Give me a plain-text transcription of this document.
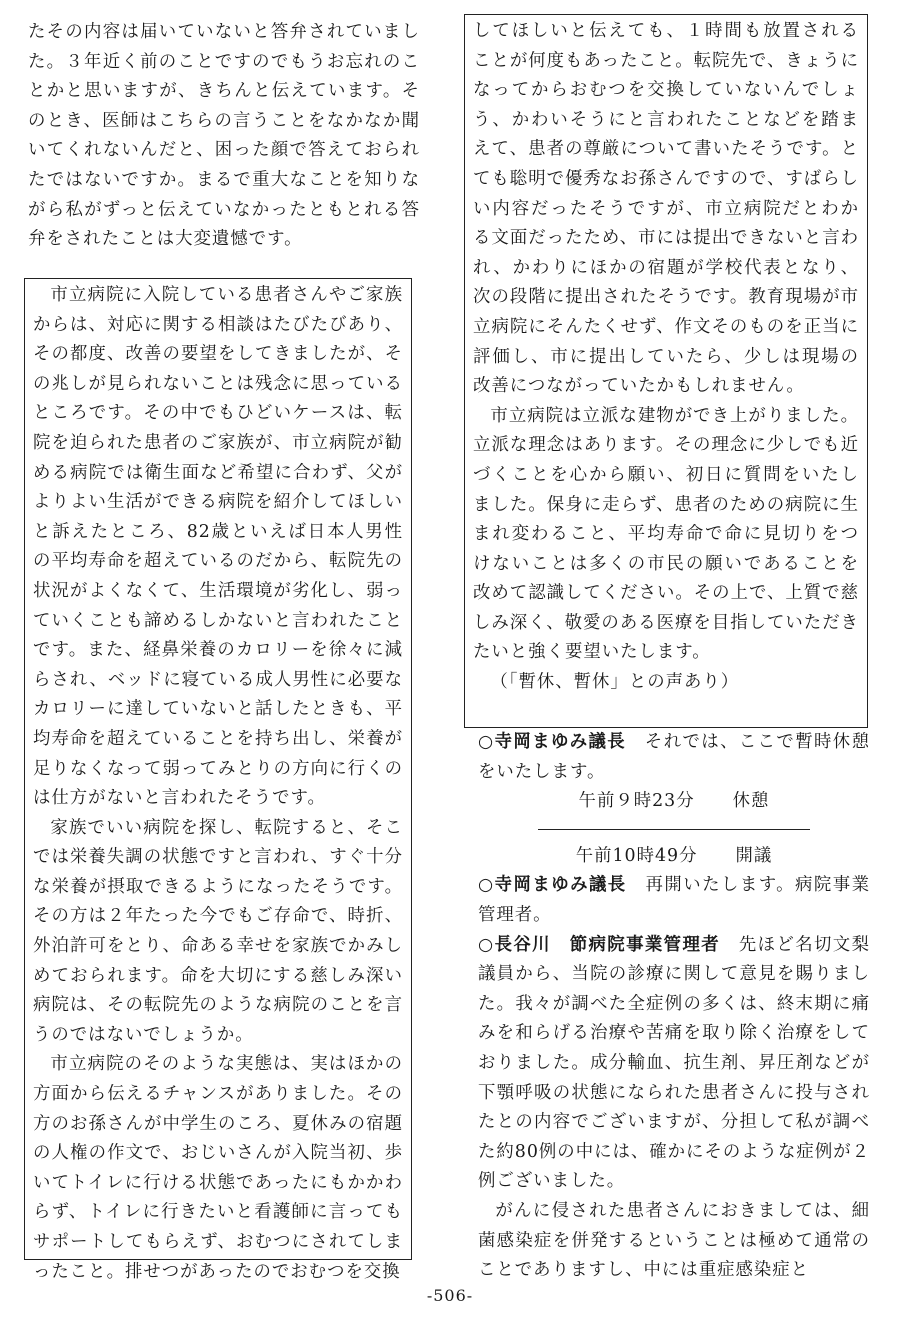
たその内容は届いていないと答弁されていました。３年近く前のことですのでもうお忘れのことかと思いますが、きちんと伝えています。そのとき、医師はこちらの言うことをなかなか聞いてくれないんだと、困った顔で答えておられたではないですか。まるで重大なことを知りながら私がずっと伝えていなかったともとれる答弁をされたことは大変遺憾です。

市立病院に入院している患者さんやご家族からは、対応に関する相談はたびたびあり、その都度、改善の要望をしてきましたが、その兆しが見られないことは残念に思っているところです。その中でもひどいケースは、転院を迫られた患者のご家族が、市立病院が勧める病院では衛生面など希望に合わず、父がよりよい生活ができる病院を紹介してほしいと訴えたところ、82歳といえば日本人男性の平均寿命を超えているのだから、転院先の状況がよくなくて、生活環境が劣化し、弱っていくことも諦めるしかないと言われたことです。また、経鼻栄養のカロリーを徐々に減らされ、ベッドに寝ている成人男性に必要なカロリーに達していないと話したときも、平均寿命を超えていることを持ち出し、栄養が足りなくなって弱ってみとりの方向に行くのは仕方がないと言われたそうです。

家族でいい病院を探し、転院すると、そこでは栄養失調の状態ですと言われ、すぐ十分な栄養が摂取できるようになったそうです。その方は２年たった今でもご存命で、時折、外泊許可をとり、命ある幸せを家族でかみしめておられます。命を大切にする慈しみ深い病院は、その転院先のような病院のことを言うのではないでしょうか。

市立病院のそのような実態は、実はほかの方面から伝えるチャンスがありました。その方のお孫さんが中学生のころ、夏休みの宿題の人権の作文で、おじいさんが入院当初、歩いてトイレに行ける状態であったにもかかわらず、トイレに行きたいと看護師に言ってもサポートしてもらえず、おむつにされてしまったこと。排せつがあったのでおむつを交換

してほしいと伝えても、１時間も放置されることが何度もあったこと。転院先で、きょうになってからおむつを交換していないんでしょう、かわいそうにと言われたことなどを踏まえて、患者の尊厳について書いたそうです。とても聡明で優秀なお孫さんですので、すばらしい内容だったそうですが、市立病院だとわかる文面だったため、市には提出できないと言われ、かわりにほかの宿題が学校代表となり、次の段階に提出されたそうです。教育現場が市立病院にそんたくせず、作文そのものを正当に評価し、市に提出していたら、少しは現場の改善につながっていたかもしれません。

市立病院は立派な建物ができ上がりました。立派な理念はあります。その理念に少しでも近づくことを心から願い、初日に質問をいたしました。保身に走らず、患者のための病院に生まれ変わること、平均寿命で命に見切りをつけないことは多くの市民の願いであることを改めて認識してください。その上で、上質で慈しみ深く、敬愛のある医療を目指していただきたいと強く要望いたします。

（「暫休、暫休」との声あり）

○寺岡まゆみ議長　 それでは、ここで暫時休憩をいたします。

午前９時23分 休憩
午前10時49分 開議

○寺岡まゆみ議長　 再開いたします。病院事業管理者。

○長谷川　節病院事業管理者　 先ほど名切文梨議員から、当院の診療に関して意見を賜りました。我々が調べた全症例の多くは、終末期に痛みを和らげる治療や苦痛を取り除く治療をしておりました。成分輸血、抗生剤、昇圧剤などが下顎呼吸の状態になられた患者さんに投与されたとの内容でございますが、分担して私が調べた約80例の中には、確かにそのような症例が２例ございました。

がんに侵された患者さんにおきましては、細菌感染症を併発するということは極めて通常のことでありますし、中には重症感染症と

-506-
